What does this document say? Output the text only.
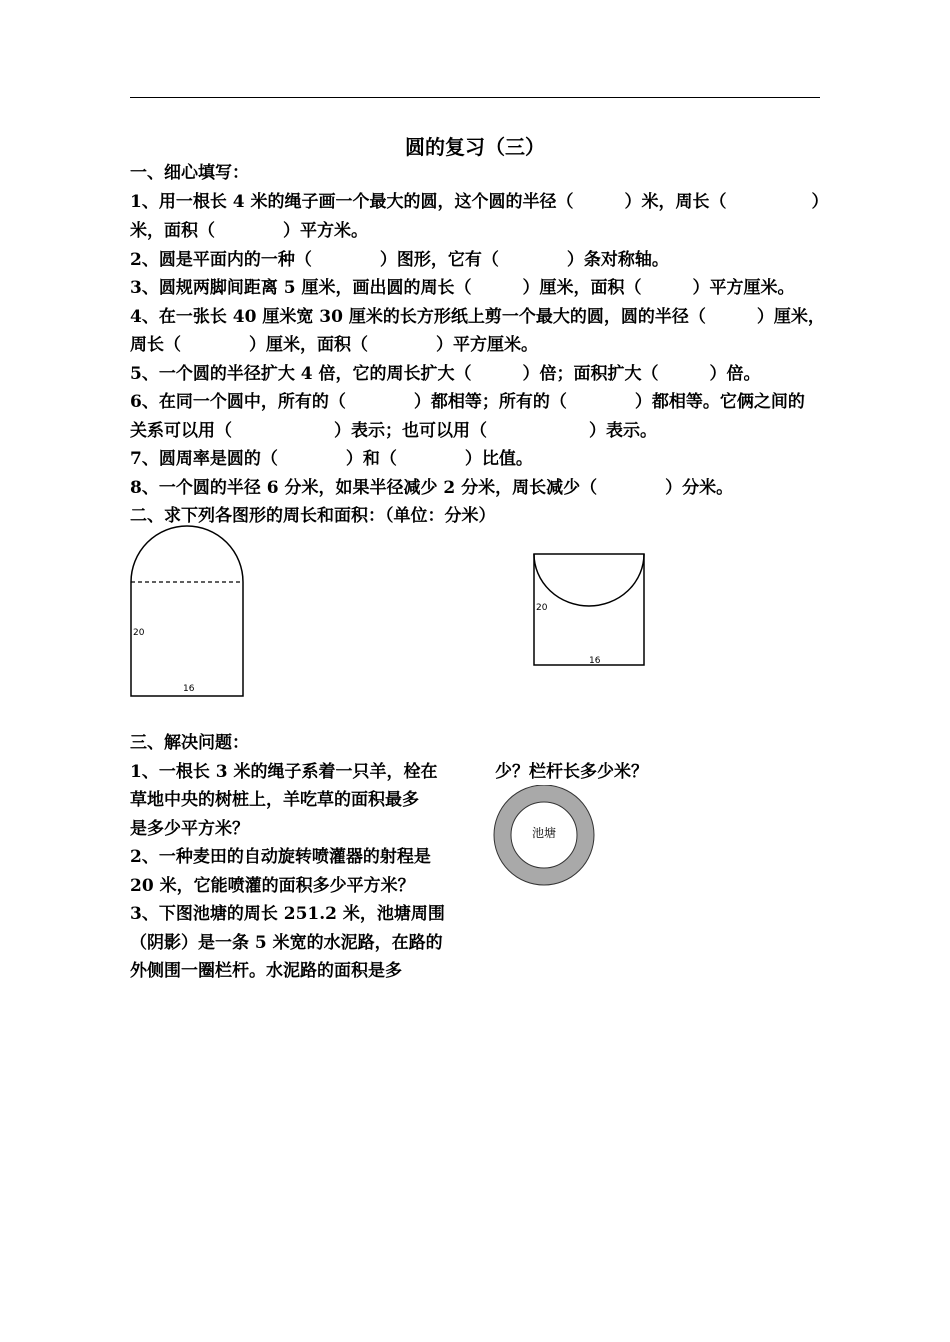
圆的复习（三）
一、细心填写：
1、用一根长 4 米的绳子画一个最大的圆，这个圆的半径（　　　）米，周长（　　　　　）
米，面积（　　　　）平方米。
2、圆是平面内的一种（　　　　）图形，它有（　　　　）条对称轴。
3、圆规两脚间距离 5 厘米，画出圆的周长（　　　）厘米，面积（　　　）平方厘米。
4、在一张长 40 厘米宽 30 厘米的长方形纸上剪一个最大的圆，圆的半径（　　　）厘米，
周长（　　　　）厘米，面积（　　　　）平方厘米。
5、一个圆的半径扩大 4 倍，它的周长扩大（　　　）倍；面积扩大（　　　）倍。
6、在同一个圆中，所有的（　　　　）都相等；所有的（　　　　）都相等。它俩之间的
关系可以用（　　　　　　）表示；也可以用（　　　　　　）表示。
7、圆周率是圆的（　　　　）和（　　　　）比值。
8、一个圆的半径 6 分米，如果半径减少 2 分米，周长减少（　　　　）分米。
二、求下列各图形的周长和面积：（单位：分米）
20
16
20
16
三、解决问题：
1、一根长 3 米的绳子系着一只羊，栓在
草地中央的树桩上，羊吃草的面积最多
是多少平方米？
2、一种麦田的自动旋转喷灌器的射程是
20 米，它能喷灌的面积多少平方米？
3、下图池塘的周长 251.2 米，池塘周围
（阴影）是一条 5 米宽的水泥路，在路的
外侧围一圈栏杆。水泥路的面积是多
少？栏杆长多少米？
池塘
